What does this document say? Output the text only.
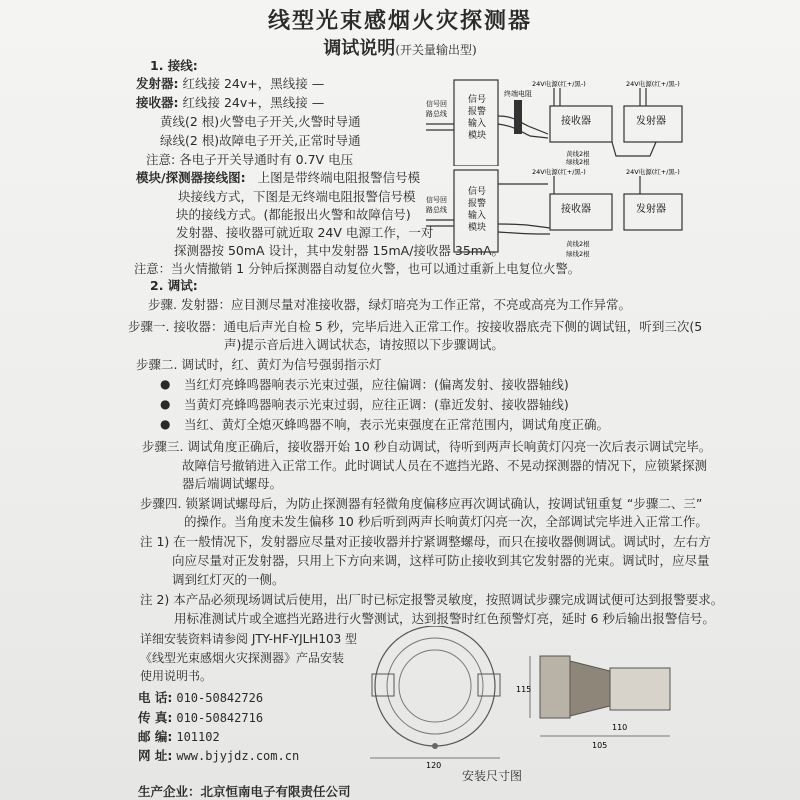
线型光束感烟火灾探测器
调试说明(开关量输出型)
1. 接线:
发射器: 红线接 24v+，黑线接 —
接收器: 红线接 24v+，黑线接 —
黄线(2 根)火警电子开关,火警时导通
绿线(2 根)故障电子开关,正常时导通
注意: 各电子开关导通时有 0.7V 电压
模块/探测器接线图: 上图是带终端电阻报警信号模
块接线方式，下图是无终端电阻报警信号模
块的接线方式。(都能报出火警和故障信号)
发射器、接收器可就近取 24V 电源工作，一对
探测器按 50mA 设计，其中发射器 15mA/接收器 35mA。
注意：当火情撤销 1 分钟后探测器自动复位火警，也可以通过重新上电复位火警。
信号回
路总线
信号
报警
输入
模块
终端电阻
24V电源(红+/黑-)
接收器
黄线2根
绿线2根
24V电源(红+/黑-)
发射器
信号回
路总线
信号
报警
输入
模块
24V电源(红+/黑-)
接收器
黄线2根
绿线2根
24V电源(红+/黑-)
发射器
2. 调试:
步骤. 发射器：应目测尽量对准接收器，绿灯暗亮为工作正常，不亮或高亮为工作异常。
步骤一. 接收器：通电后声光自检 5 秒，完毕后进入正常工作。按接收器底壳下侧的调试钮，听到三次(5
声)提示音后进入调试状态，请按照以下步骤调试。
步骤二. 调试时，红、黄灯为信号强弱指示灯
● 当红灯亮蜂鸣器响表示光束过强，应往偏调：(偏离发射、接收器轴线)
● 当黄灯亮蜂鸣器响表示光束过弱，应往正调：(靠近发射、接收器轴线)
● 当红、黄灯全熄灭蜂鸣器不响，表示光束强度在正常范围内，调试角度正确。
步骤三. 调试角度正确后，接收器开始 10 秒自动调试，待听到两声长响黄灯闪亮一次后表示调试完毕。
故障信号撤销进入正常工作。此时调试人员在不遮挡光路、不晃动探测器的情况下，应锁紧探测
器后端调试螺母。
步骤四. 锁紧调试螺母后，为防止探测器有轻微角度偏移应再次调试确认，按调试钮重复 “步骤二、三”
的操作。当角度未发生偏移 10 秒后听到两声长响黄灯闪亮一次，全部调试完毕进入正常工作。
注 1) 在一般情况下，发射器应尽量对正接收器并拧紧调整螺母，而只在接收器侧调试。调试时，左右方
向应尽量对正发射器，只用上下方向来调，这样可防止接收到其它发射器的光束。调试时，应尽量
调到红灯灭的一侧。
注 2) 本产品必须现场调试后使用，出厂时已标定报警灵敏度，按照调试步骤完成调试便可达到报警要求。
用标准测试片或全遮挡光路进行火警测试，达到报警时红色预警灯亮，延时 6 秒后输出报警信号。
详细安装资料请参阅 JTY-HF-YJLH103 型
《线型光束感烟火灾探测器》产品安装
使用说明书。
电 话: 010-50842726
传 真: 010-50842716
邮 编: 101102
网 址: www.bjyjdz.com.cn
生产企业：北京恒南电子有限责任公司
120
115
110
105
安装尺寸图
